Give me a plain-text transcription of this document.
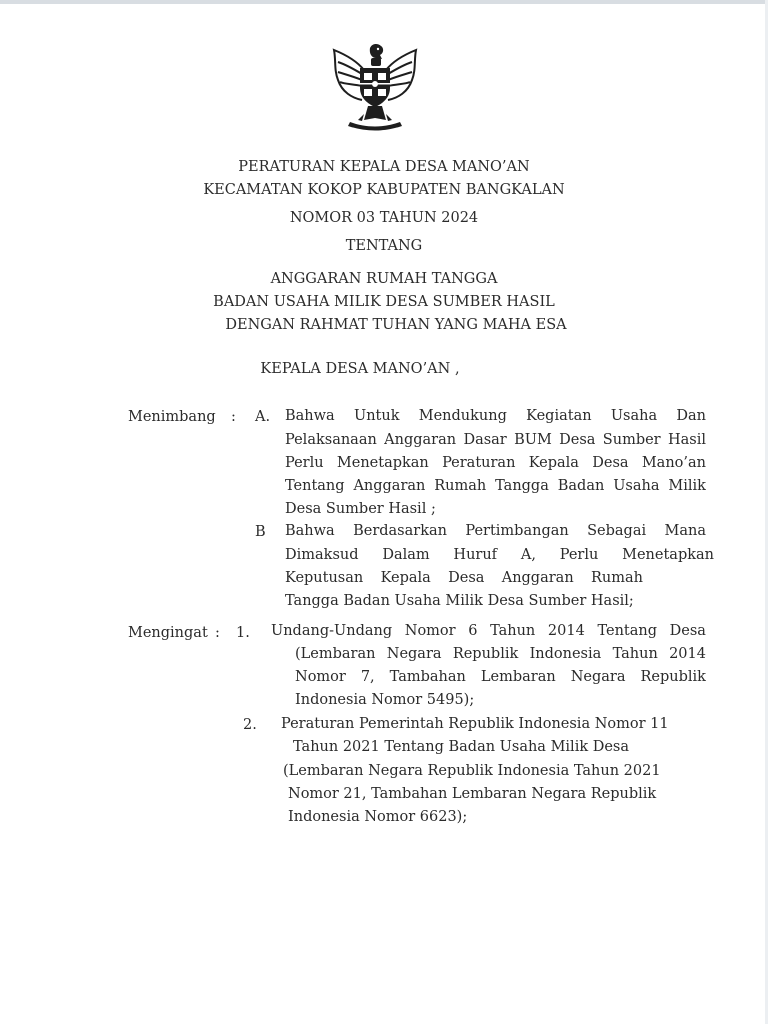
PERATURAN KEPALA DESA MANO’AN
KECAMATAN KOKOP KABUPATEN BANGKALAN
NOMOR 03 TAHUN 2024
TENTANG
ANGGARAN RUMAH TANGGA
BADAN USAHA MILIK DESA SUMBER HASIL
DENGAN RAHMAT TUHAN YANG MAHA ESA
KEPALA DESA MANO’AN ,
Menimbang : A. Bahwa Untuk Mendukung Kegiatan Usaha Dan
Pelaksanaan Anggaran Dasar BUM Desa Sumber Hasil
Perlu Menetapkan Peraturan Kepala Desa Mano’an
Tentang Anggaran Rumah Tangga Badan Usaha Milik
Desa Sumber Hasil ;
B Bahwa Berdasarkan Pertimbangan Sebagai Mana
Dimaksud Dalam Huruf A, Perlu Menetapkan
Keputusan Kepala Desa Anggaran Rumah
Tangga Badan Usaha Milik Desa Sumber Hasil;
Mengingat : 1. Undang-Undang Nomor 6 Tahun 2014 Tentang Desa
(Lembaran Negara Republik Indonesia Tahun 2014
Nomor 7, Tambahan Lembaran Negara Republik
Indonesia Nomor 5495);
2. Peraturan Pemerintah Republik Indonesia Nomor 11
Tahun 2021 Tentang Badan Usaha Milik Desa
(Lembaran Negara Republik Indonesia Tahun 2021
Nomor 21, Tambahan Lembaran Negara Republik
Indonesia Nomor 6623);
